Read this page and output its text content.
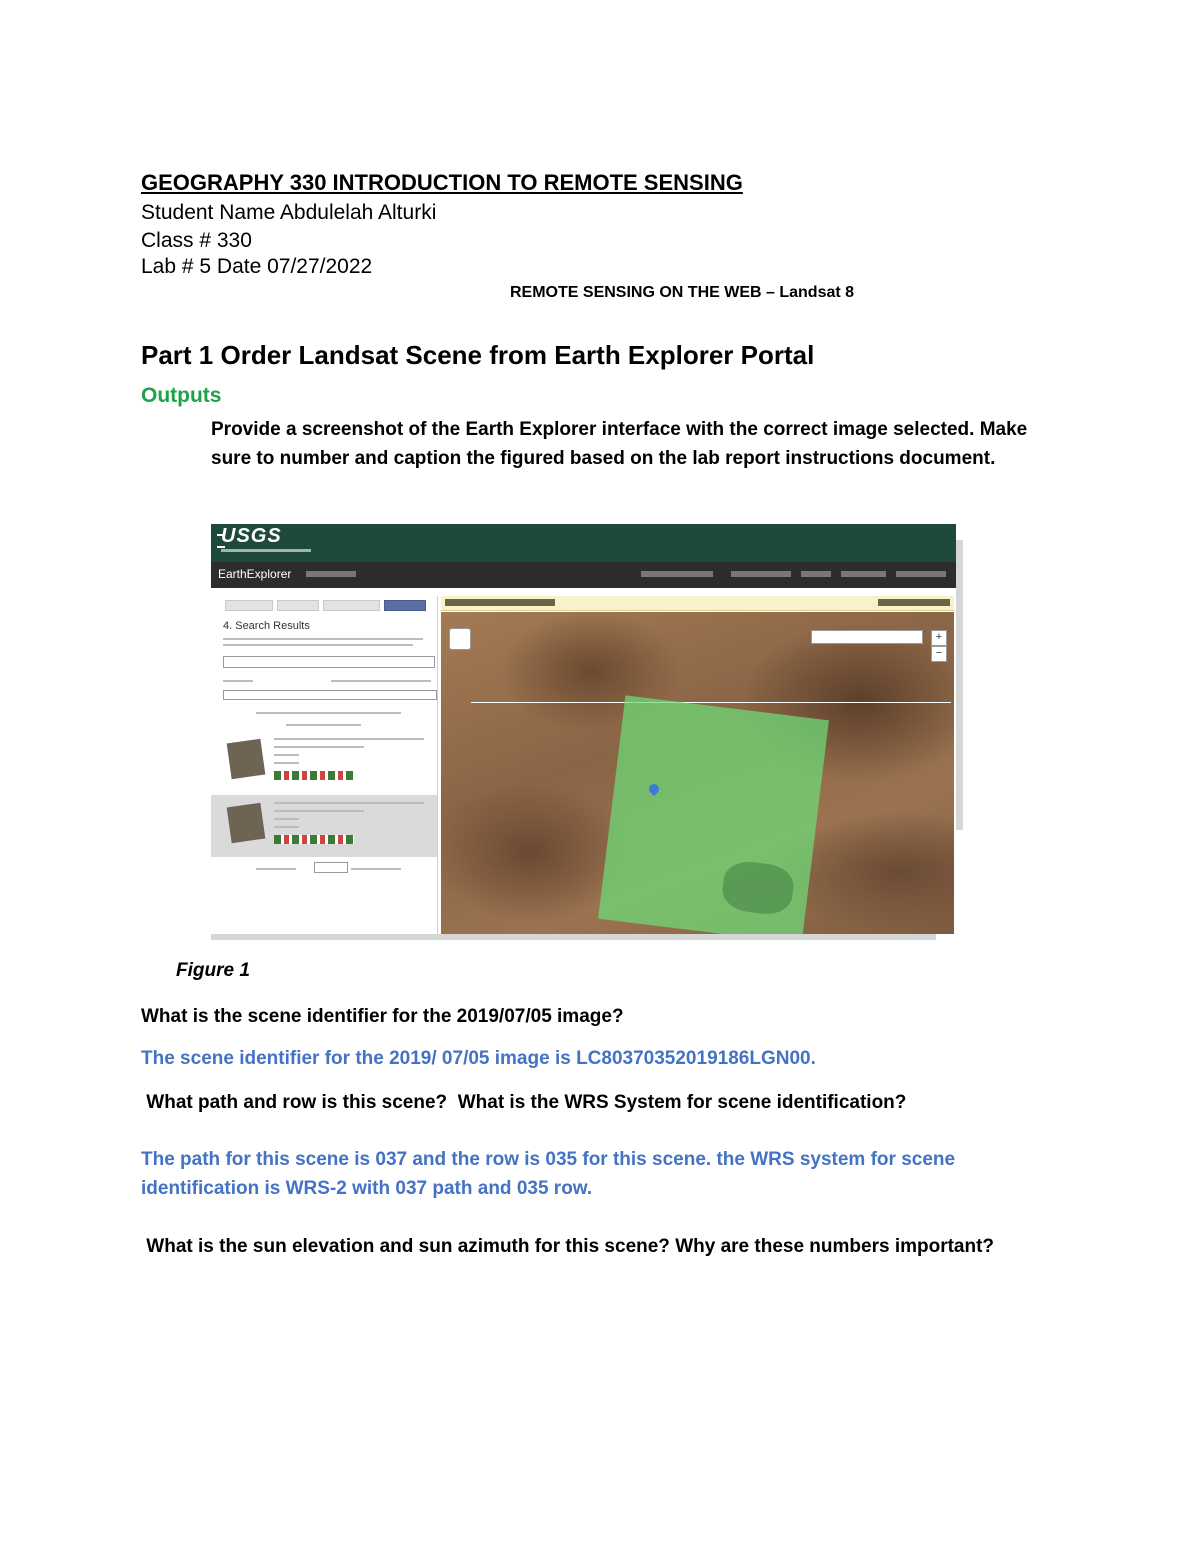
GEOGRAPHY 330 INTRODUCTION TO REMOTE SENSING
Student Name Abdulelah Alturki
Class # 330
Lab # 5 Date 07/27/2022
REMOTE SENSING ON THE WEB – Landsat 8
Part 1 Order Landsat Scene from Earth Explorer Portal
Outputs
Provide a screenshot of the Earth Explorer interface with the correct image selected. Make sure to number and caption the figured based on the lab report instructions document.
USGS
EarthExplorer
4. Search Results
+
−
Figure 1
What is the scene identifier for the 2019/07/05 image?
The scene identifier for the 2019/ 07/05 image is LC80370352019186LGN00.
What path and row is this scene?  What is the WRS System for scene identification?
The path for this scene is 037 and the row is 035 for this scene. the WRS system for scene identification is WRS-2 with 037 path and 035 row.
What is the sun elevation and sun azimuth for this scene? Why are these numbers important?
